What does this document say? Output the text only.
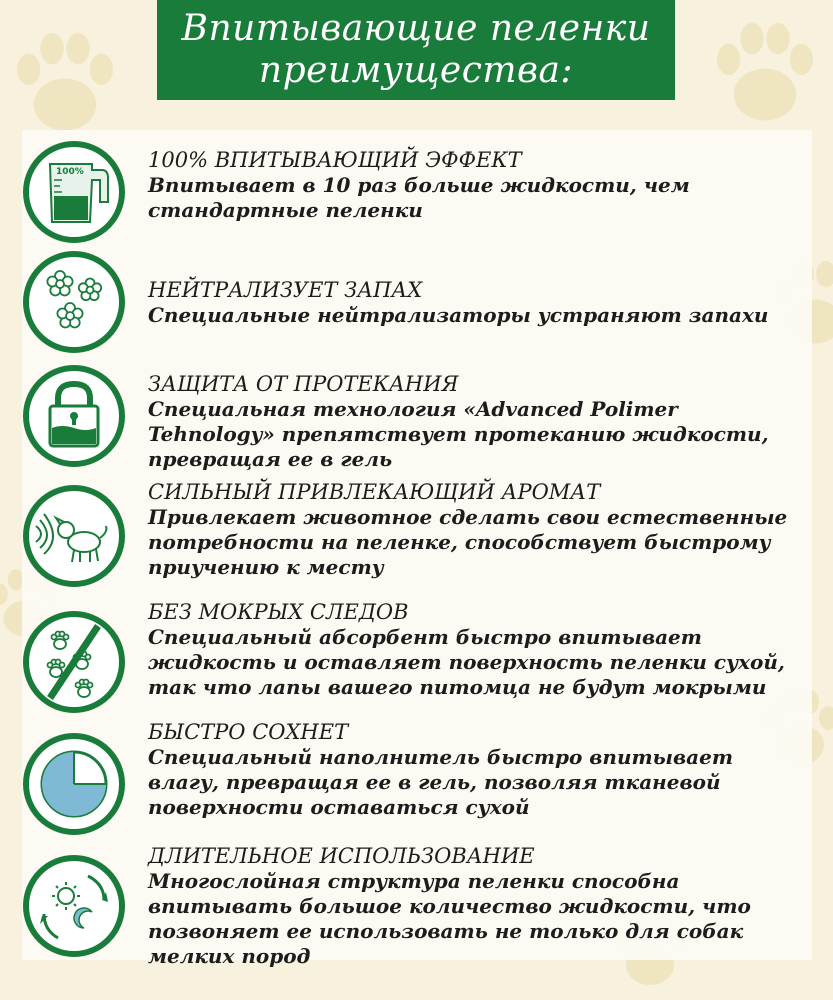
Впитывающие пеленки
преимущества:
100%	100% ВПИТЫВАЮЩИЙ ЭФФЕКТ
Впитывает в 10 раз больше жидкости, чем стандартные пеленки
НЕЙТРАЛИЗУЕТ ЗАПАХ
Специальные нейтрализаторы устраняют запахи
ЗАЩИТА ОТ ПРОТЕКАНИЯ
Специальная технология «Advanced Polimer Tehnology» препятствует протеканию жидкости, превращая ее в гель
СИЛЬНЫЙ ПРИВЛЕКАЮЩИЙ АРОМАТ
Привлекает животное сделать свои естественные потребности на пеленке, способствует быстрому приучению к месту
БЕЗ МОКРЫХ СЛЕДОВ
Специальный абсорбент быстро впитывает жидкость и оставляет поверхность пеленки сухой, так что лапы вашего питомца не будут мокрыми
БЫСТРО СОХНЕТ
Специальный наполнитель быстро впитывает влагу, превращая ее в гель, позволяя тканевой поверхности оставаться сухой
ДЛИТЕЛЬНОЕ ИСПОЛЬЗОВАНИЕ
Многослойная структура пеленки способна впитывать большое количество жидкости, что позвоняет ее использовать не только для собак мелких пород
